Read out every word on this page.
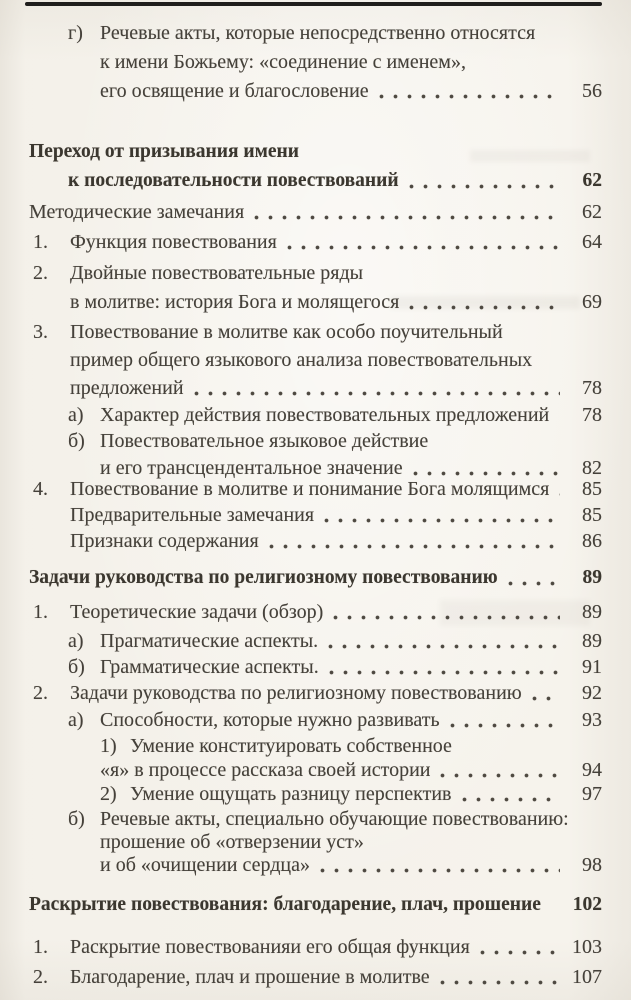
г) Речевые акты, которые непосредственно относятся
к имени Божьему: «соединение с именем»,
его освящение и благословение	56
Переход от призывания имени
к последовательности повествований	62
Методические замечания	62
1.	Функция повествования	64
2.	Двойные повествовательные ряды
в молитве: история Бога и молящегося	69
3.	Повествование в молитве как особо поучительный
пример общего языкового анализа повествовательных
предложений	78
а) Характер действия повествовательных предложений	78
б) Повествовательное языковое действие
и его трансцендентальное значение	82
4.	Повествование в молитве и понимание Бога молящимся	85
Предварительные замечания	85
Признаки содержания	86
Задачи руководства по религиозному повествованию	89
1.	Теоретические задачи (обзор)	89
а) Прагматические аспекты.	89
б) Грамматические аспекты.	91
2.	Задачи руководства по религиозному повествованию	92
а) Способности, которые нужно развивать	93
1) Умение конституировать собственное
«я» в процессе рассказа своей истории	94
2) Умение ощущать разницу перспектив	97
б) Речевые акты, специально обучающие повествованию:
прошение об «отверзении уст»
и об «очищении сердца»	98
Раскрытие повествования: благодарение, плач, прошение 102
1.	Раскрытие повествованияи его общая функция	103
2.	Благодарение, плач и прошение в молитве	107
